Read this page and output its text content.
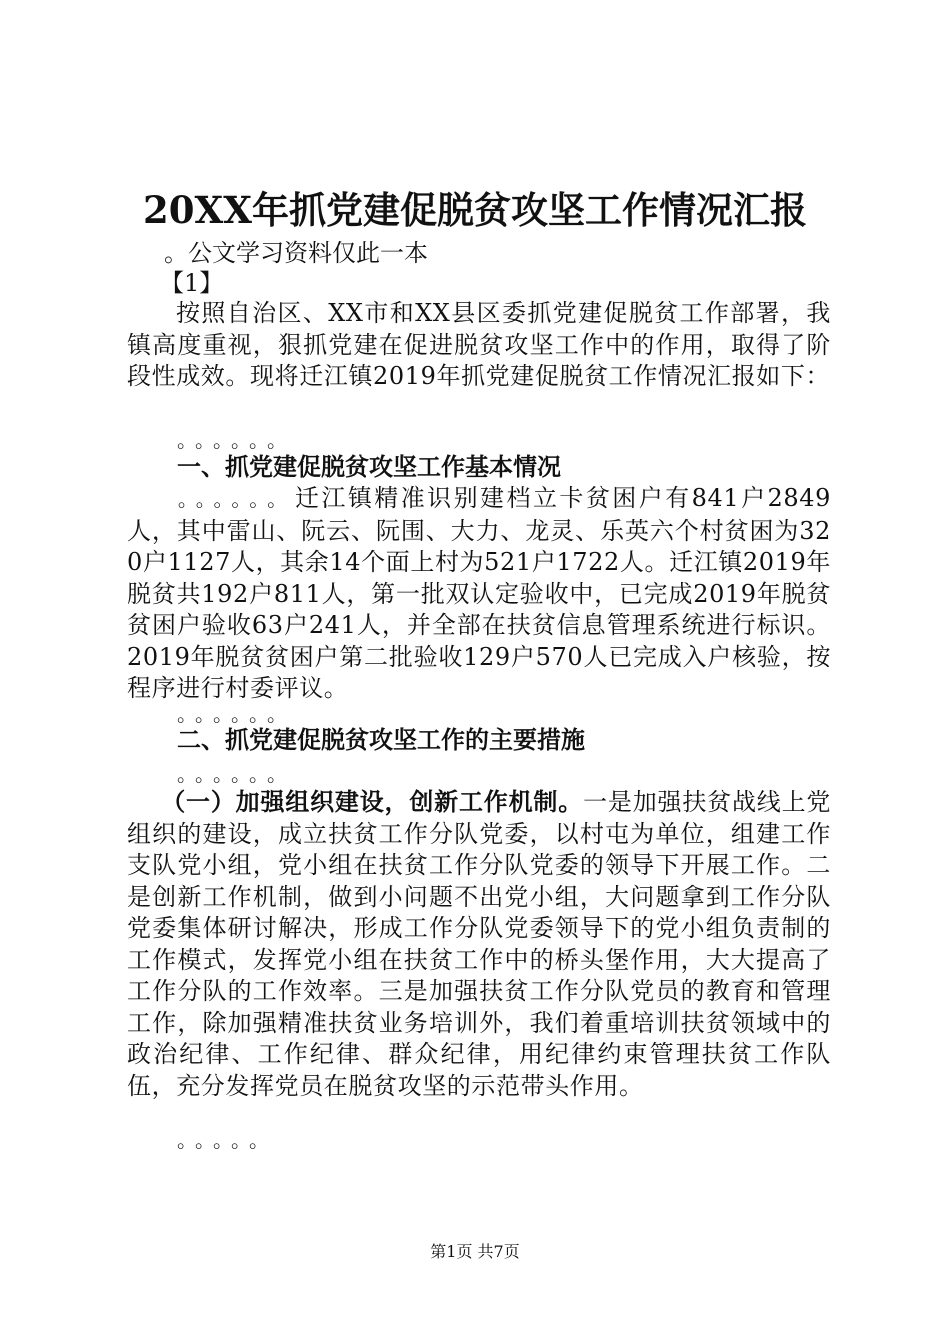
20XX年抓党建促脱贫攻坚工作情况汇报
。公文学习资料仅此一本
【1】
按照自治区、XX市和XX县区委抓党建促脱贫工作部署，我镇高度重视，狠抓党建在促进脱贫攻坚工作中的作用，取得了阶段性成效。现将迁江镇2019年抓党建促脱贫工作情况汇报如下：
。。。。。。
一、抓党建促脱贫攻坚工作基本情况
。。。。。。迁江镇精准识别建档立卡贫困户有841户2849人，其中雷山、阮云、阮围、大力、龙灵、乐英六个村贫困为320户1127人，其余14个面上村为521户1722人。迁江镇2019年脱贫共192户811人，第一批双认定验收中，已完成2019年脱贫贫困户验收63户241人，并全部在扶贫信息管理系统进行标识。2019年脱贫贫困户第二批验收129户570人已完成入户核验，按程序进行村委评议。
。。。。。。
二、抓党建促脱贫攻坚工作的主要措施
。。。。。。
（一）加强组织建设，创新工作机制。一是加强扶贫战线上党组织的建设，成立扶贫工作分队党委，以村屯为单位，组建工作支队党小组，党小组在扶贫工作分队党委的领导下开展工作。二是创新工作机制，做到小问题不出党小组，大问题拿到工作分队党委集体研讨解决，形成工作分队党委领导下的党小组负责制的工作模式，发挥党小组在扶贫工作中的桥头堡作用，大大提高了工作分队的工作效率。三是加强扶贫工作分队党员的教育和管理工作，除加强精准扶贫业务培训外，我们着重培训扶贫领域中的政治纪律、工作纪律、群众纪律，用纪律约束管理扶贫工作队伍，充分发挥党员在脱贫攻坚的示范带头作用。
。。。。。
第1页 共7页
